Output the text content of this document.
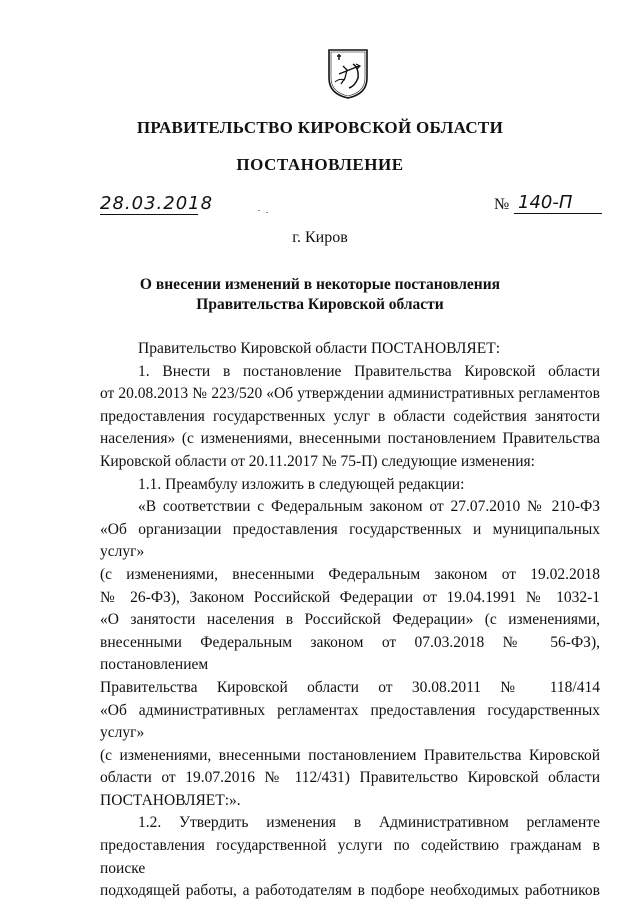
ПРАВИТЕЛЬСТВО КИРОВСКОЙ ОБЛАСТИ
ПОСТАНОВЛЕНИЕ
28.03.2018	№ 140-П
г. Киров
О внесении изменений в некоторые постановления
Правительства Кировской области

Правительство Кировской области ПОСТАНОВЛЯЕТ:

1. Внести в постановление Правительства Кировской области

от 20.08.2013 № 223/520 «Об утверждении административных регламентов

предоставления государственных услуг в области содействия занятости

населения» (с изменениями, внесенными постановлением Правительства

Кировской области от 20.11.2017 № 75-П) следующие изменения:

1.1. Преамбулу изложить в следующей редакции:

«В соответствии с Федеральным законом от 27.07.2010 № 210-ФЗ

«Об организации предоставления государственных и муниципальных услуг»

(с изменениями, внесенными Федеральным законом от 19.02.2018

№ 26-ФЗ), Законом Российской Федерации от 19.04.1991 № 1032-1

«О занятости населения в Российской Федерации» (с изменениями,

внесенными Федеральным законом от 07.03.2018 № 56-ФЗ), постановлением

Правительства Кировской области от 30.08.2011 № 118/414

«Об административных регламентах предоставления государственных услуг»

(с изменениями, внесенными постановлением Правительства Кировской

области от 19.07.2016 № 112/431) Правительство Кировской области

ПОСТАНОВЛЯЕТ:».

1.2. Утвердить изменения в Административном регламенте

предоставления государственной услуги по содействию гражданам в поиске

подходящей работы, а работодателям в подборе необходимых работников
